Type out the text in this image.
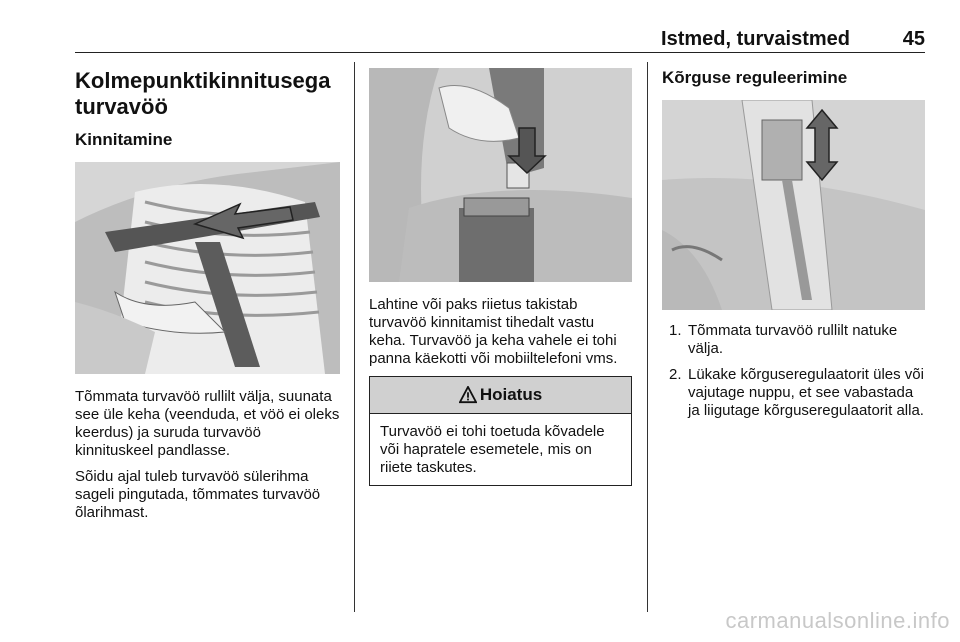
Istmed, turvaistmed	45
Kolmepunktikinnitusega turvavöö
Kinnitamine

Tõmmata turvavöö rullilt välja, suunata see üle keha (veenduda, et vöö ei oleks keerdus) ja suruda turvavöö kinnituskeel pandlasse.

Sõidu ajal tuleb turvavöö sülerihma sageli pingutada, tõmmates turvavöö õlarihmast.

Lahtine või paks riietus takistab turvavöö kinnitamist tihedalt vastu keha. Turvavöö ja keha vahele ei tohi panna käekotti või mobiiltelefoni vms.

Hoiatus
Turvavöö ei tohi toetuda kõvadele või hapratele esemetele, mis on riiete taskutes.
Kõrguse reguleerimine
1. Tõmmata turvavöö rullilt natuke välja.
2. Lükake kõrguseregulaatorit üles või vajutage nuppu, et see vabastada ja liigutage kõrguseregulaatorit alla.
carmanualsonline.info
